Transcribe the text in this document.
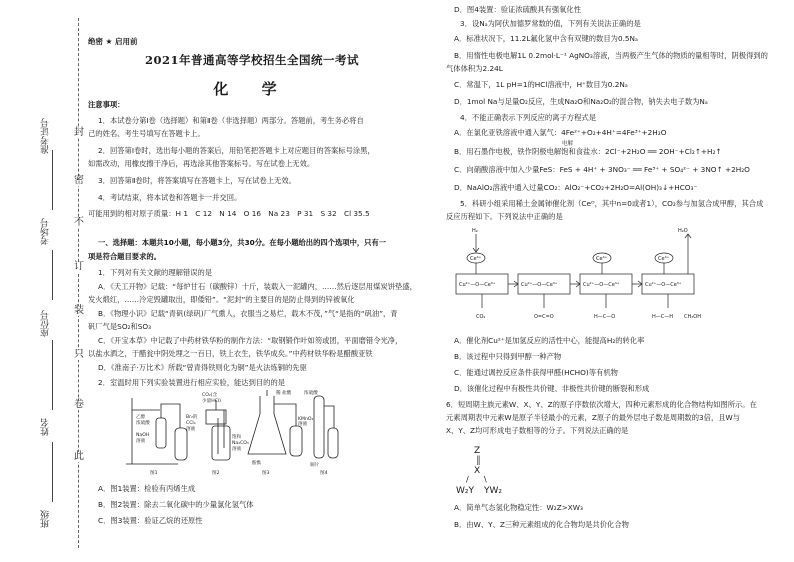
封
密
不
订
装
只
卷
此
准考证号
考场号
座位号
姓名
班级
绝密 ★ 启用前
2021年普通高等学校招生全国统一考试
化 学
注意事项：
1．本试卷分第Ⅰ卷（选择题）和第Ⅱ卷（非选择题）两部分。答题前，考生务必将自
己的姓名、考生号填写在答题卡上。
2．回答第Ⅰ卷时，选出每小题的答案后，用铅笔把答题卡上对应题目的答案标号涂黑，
如需改动，用橡皮擦干净后，再选涂其他答案标号。写在试卷上无效。
3．回答第Ⅱ卷时，将答案填写在答题卡上，写在试卷上无效。
4．考试结束，将本试卷和答题卡一并交回。
可能用到的相对原子质量：H 1　C 12　N 14　O 16　Na 23　P 31　S 32　Cl 35.5
一、选择题：本题共10小题，每小题3分，共30分。在每小题给出的四个选项中，只有一
项是符合题目要求的。
1．下列对有关文献的理解错误的是
A．《天工开物》记载：“每炉甘石（碳酸锌）十斤，装载入一泥罐内，……然后逐层用煤炭饼垫盛，
发火煅红，……冷定毁罐取出，即倭铅”。“泥封”的主要目的是防止得到的锌被氧化
B．《物理小识》记载“青矾(绿矾)厂气熏人，衣服当之易烂，载木不茂，”气“是指的“矾油”，青
矾厂气是SO₂和SO₃
C．《开宝本草》中记载了中药材铁华粉的制作方法：“取钢锻作叶如笏或团，平面磨错令光净，
以盐水洒之，于醋瓮中阴处埋之一百日，铁上衣生，铁华成矣。”中药材铁华粉是醋酸亚铁
D．《淮南子·万比术》所载“曾青得铁则化为铜”是火法炼铜的先驱
2．室温时用下列实验装置进行相应实验，能达到目的的是
A．图1装置：检验有丙烯生成
B．图2装置：除去二氧化碳中的少量氯化氢气体
C．图3装置：验证乙烷的还原性
乙醇
浓硫酸
NaOH
溶液
Br₂的
CCl₄
溶液
CO₂(含
少量HCl)
饱和
Na₂CO₃
溶液
稀 盐酸
酚酞
KMnO₄
溶液
浓硫酸
铜片
图1	图2	图3	图4
D．图4装置：验证浓硫酸具有强氧化性
3．设Nₐ为阿伏加德罗常数的值，下列有关说法正确的是
A．标准状况下，11.2L氟化氢中含有双键的数目为0.5Nₐ
B．用惰性电极电解1L 0.2mol·L⁻¹ AgNO₃溶液，当两极产生气体的物质的量相等时，阴极得到的
气体体积为2.24L
C．常温下，1L pH=1的HCl溶液中，H⁺数目为0.2Nₐ
D．1mol Na与足量O₂反应，生成Na₂O和Na₂O₂的混合物，钠失去电子数为Nₐ
4．不能正确表示下列反应的离子方程式是
A．在氯化亚铁溶液中通入氯气：4Fe²⁺+O₂+4H⁺=4Fe³⁺+2H₂O
电解
B．用石墨作电极，铁作阴极电解饱和食盐水：2Cl⁻+2H₂O ══ 2OH⁻+Cl₂↑+H₂↑
C．向硝酸溶液中加入少量FeS：FeS + 4H⁺ + 3NO₃⁻ ══ Fe³⁺ + SO₄²⁻ + 3NO↑ +2H₂O
D．NaAlO₂溶液中通入过量CO₂：AlO₂⁻+CO₂+2H₂O=Al(OH)₃↓+HCO₃⁻
5．科研小组采用稀土金属铈催化剂（Ceᴼ，其中n=0或者1），CO₂参与加氢合成甲醇，其合成
反应历程如下。下列说法中正确的是
A．催化剂Cu²⁺是加氢反应的活性中心，能提高H₂的转化率
B．该过程中只得到甲醇一种产物
C．能通过调控反应条件获得甲醛(HCHO)等有机物
D．该催化过程中有极性共价键、非极性共价键的断裂和形成
6．短周期主族元素W、X、Y、Z的原子序数依次增大，四种元素形成的化合物结构如图所示。在
元素周期表中元素W是原子半径最小的元素，Z原子的最外层电子数是周期数的3倍，且W与
X、Y、Z均可形成电子数相等的分子。下列说法正确的是
A．简单气态氢化物稳定性：W₂Z>XW₃
B．由W、Y、Z三种元素组成的化合物均是共价化合物
H₂
Ce⁴⁺	Ce⁴⁺	Ce⁴⁺
Cu²⁺—O—Ce³⁺	Cu²⁺—O—Ce³⁺	Cu²⁺—O—Ce³⁺	Cu²⁺—O—Ce³⁺
CO₂	O=C=O	H—C—O	H—C—H CH₃OH
H₂O
Z
║
X
/ \
W₂Y YW₂
